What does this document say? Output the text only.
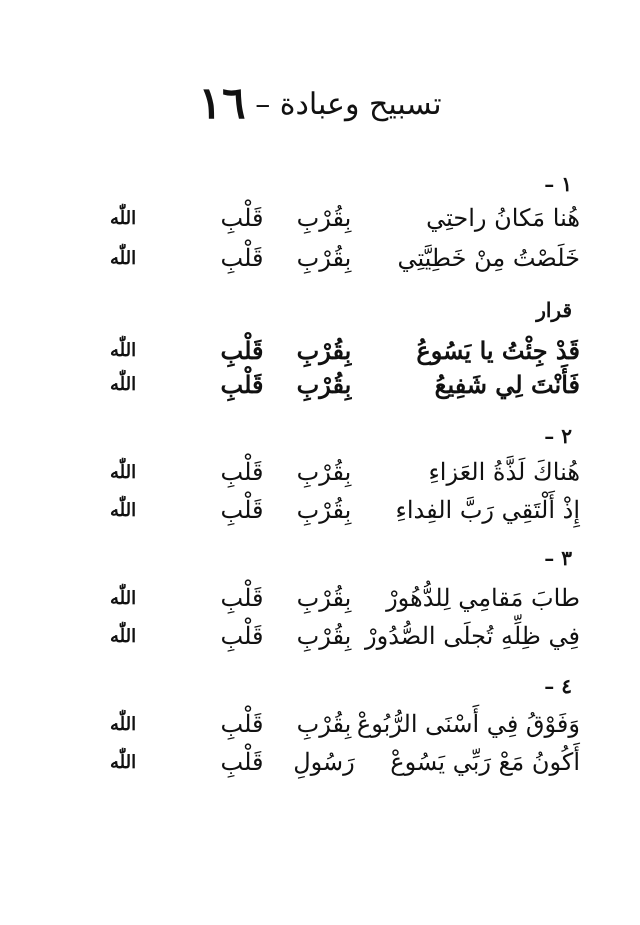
تسبيح وعبادة – ١٦
١ –
هُنا مَكانُ راحتِي
بِقُرْبِ
قَلْبِ
اللّٰه
خَلَصْتُ مِنْ خَطِيَّتِي
بِقُرْبِ
قَلْبِ
اللّٰه
قرار
قَدْ جِئْتُ يا يَسُوعُ
بِقُرْبِ
قَلْبِ
اللّٰه
فَأَنْتَ لِي شَفِيعُ
بِقُرْبِ
قَلْبِ
اللّٰه
٢ –
هُناكَ لَذَّةُ العَزاءِ
بِقُرْبِ
قَلْبِ
اللّٰه
إِذْ أَلْتَقِي رَبَّ الفِداءِ
بِقُرْبِ
قَلْبِ
اللّٰه
٣ –
طابَ مَقامِي لِلدُّهُورْ
بِقُرْبِ
قَلْبِ
اللّٰه
فِي ظِلِّهِ تُجلَى الصُّدُورْ
بِقُرْبِ
قَلْبِ
اللّٰه
٤ –
وَفَوْقُ فِي أَسْنَى الرُّبُوعْ
بِقُرْبِ
قَلْبِ
اللّٰه
أَكُونُ مَعْ رَبِّي يَسُوعْ
رَسُولِ
قَلْبِ
اللّٰه
